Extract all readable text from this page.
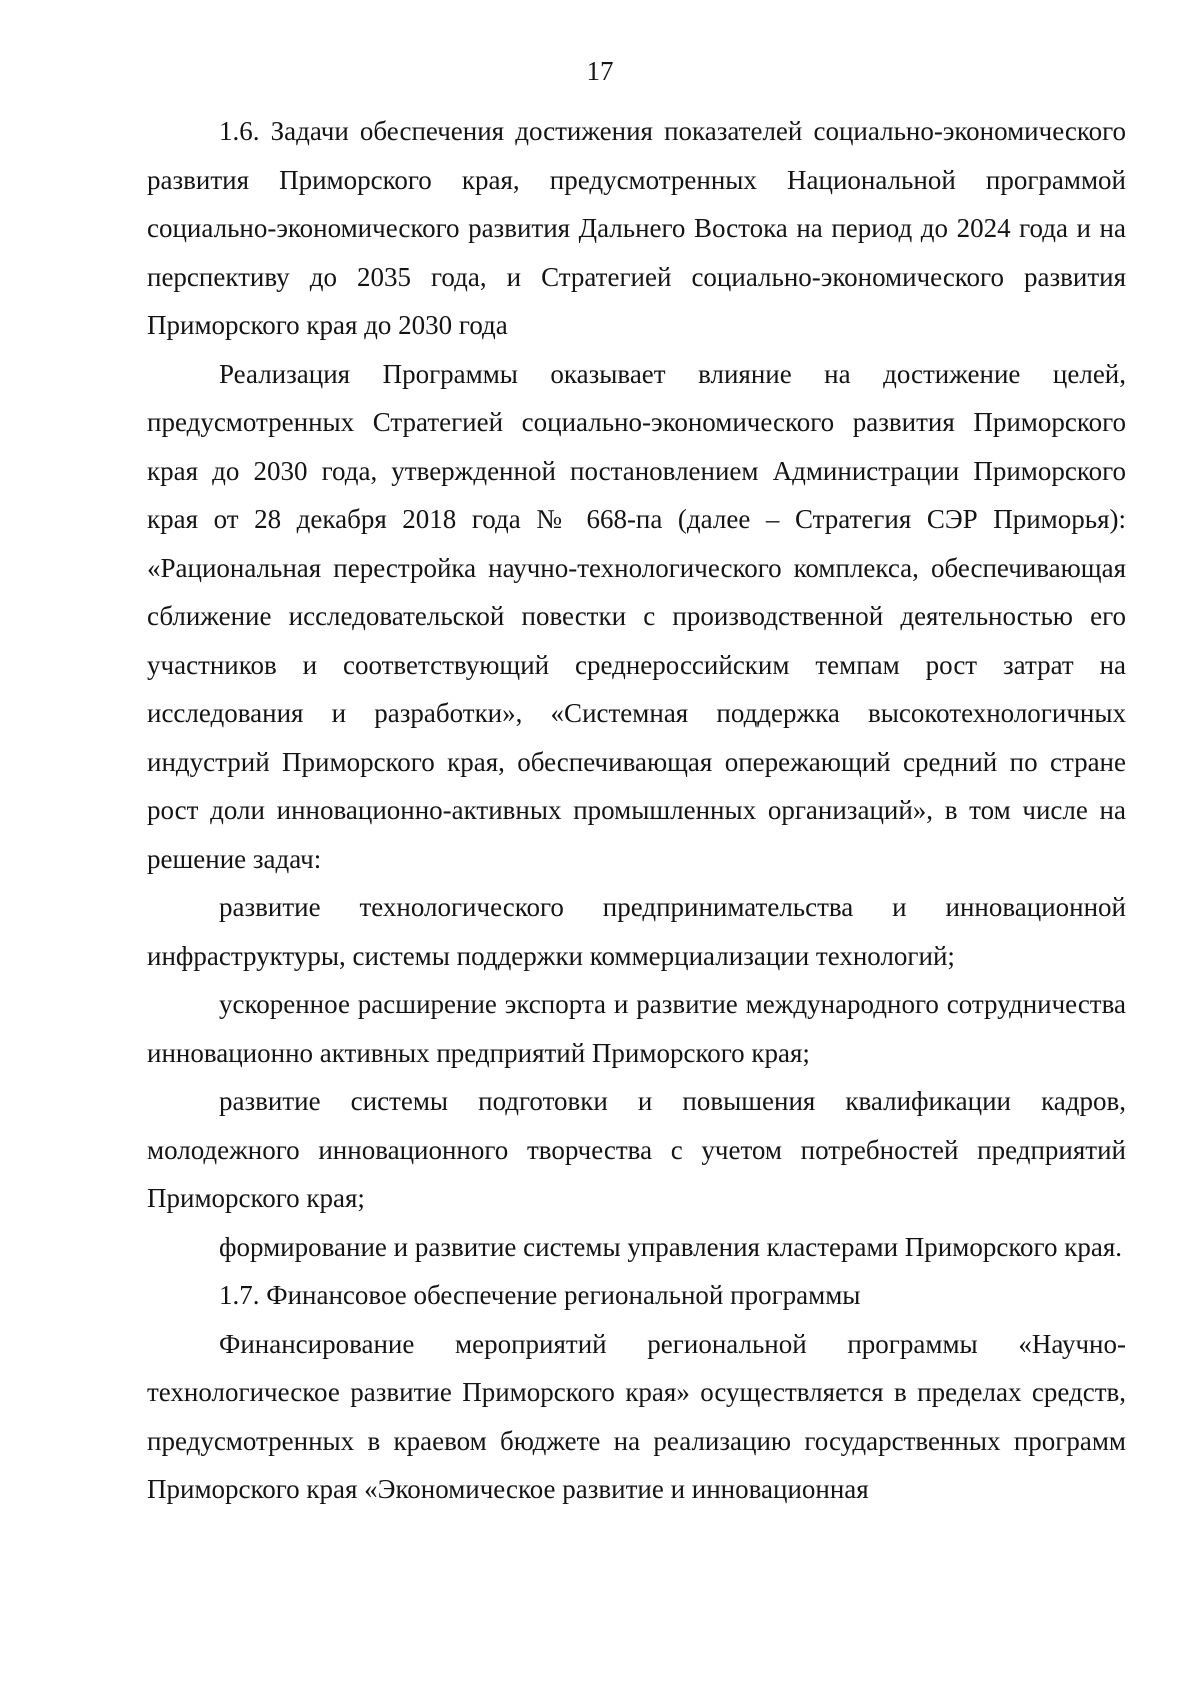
17

1.6. Задачи обеспечения достижения показателей социально-экономического развития Приморского края, предусмотренных Национальной программой социально-экономического развития Дальнего Востока на период до 2024 года и на перспективу до 2035 года, и Стратегией социально-экономического развития Приморского края до 2030 года

Реализация Программы оказывает влияние на достижение целей, предусмотренных Стратегией социально-экономического развития Приморского края до 2030 года, утвержденной постановлением Администрации Приморского края от 28 декабря 2018 года № 668-па (далее – Стратегия СЭР Приморья): «Рациональная перестройка научно-технологического комплекса, обеспечивающая сближение исследовательской повестки с производственной деятельностью его участников и соответствующий среднероссийским темпам рост затрат на исследования и разработки», «Системная поддержка высокотехнологичных индустрий Приморского края, обеспечивающая опережающий средний по стране рост доли инновационно-активных промышленных организаций», в том числе на решение задач:

развитие технологического предпринимательства и инновационной инфраструктуры, системы поддержки коммерциализации технологий;

ускоренное расширение экспорта и развитие международного сотрудничества инновационно активных предприятий Приморского края;

развитие системы подготовки и повышения квалификации кадров, молодежного инновационного творчества с учетом потребностей предприятий Приморского края;

формирование и развитие системы управления кластерами Приморского края.

1.7. Финансовое обеспечение региональной программы

Финансирование мероприятий региональной программы «Научно-технологическое развитие Приморского края» осуществляется в пределах средств, предусмотренных в краевом бюджете на реализацию государственных программ Приморского края «Экономическое развитие и инновационная
